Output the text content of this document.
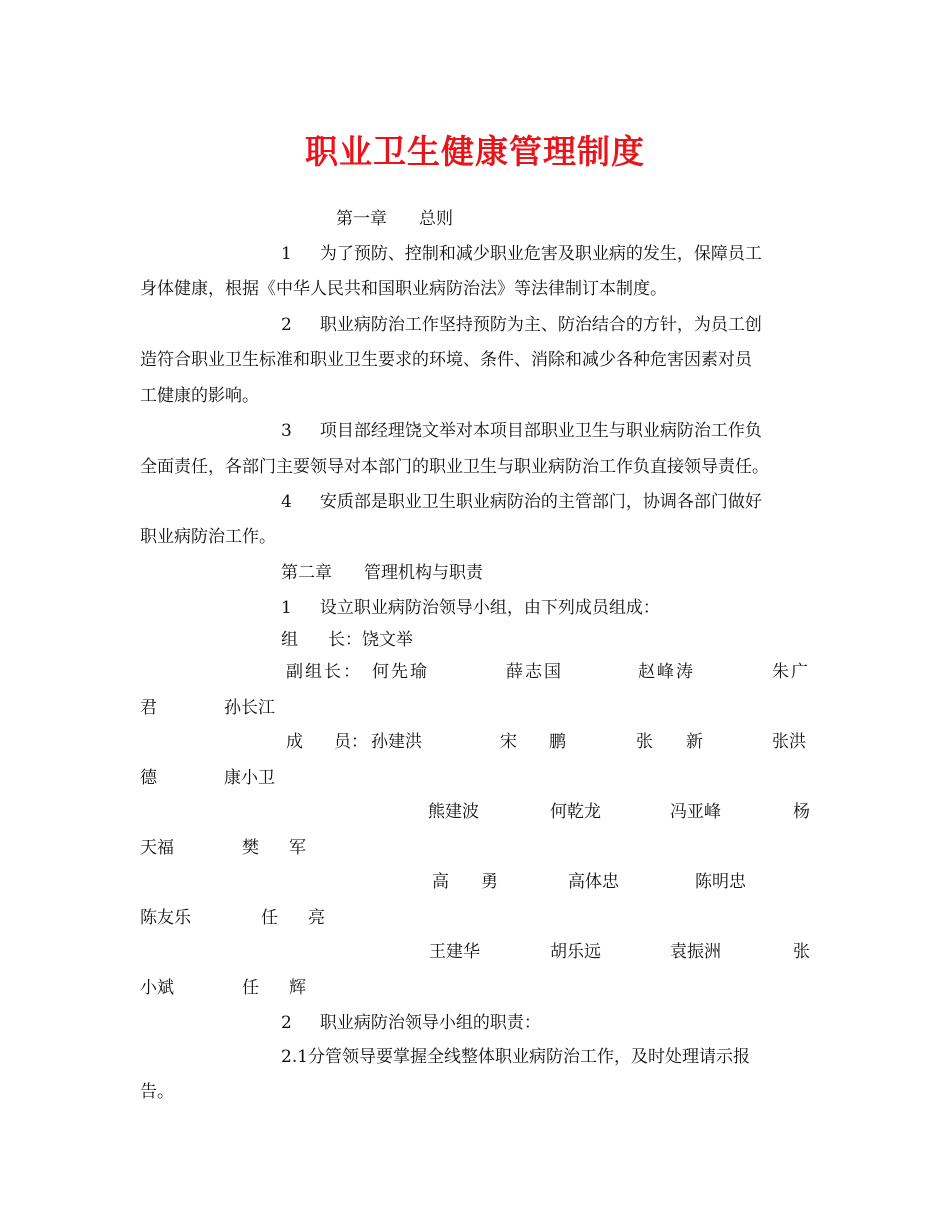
职业卫生健康管理制度
第一章 总则
1 为了预防、控制和减少职业危害及职业病的发生，保障员工
身体健康，根据《中华人民共和国职业病防治法》等法律制订本制度。
2 职业病防治工作坚持预防为主、防治结合的方针，为员工创
造符合职业卫生标准和职业卫生要求的环境、条件、消除和减少各种危害因素对员
工健康的影响。
3 项目部经理饶文举对本项目部职业卫生与职业病防治工作负
全面责任，各部门主要领导对本部门的职业卫生与职业病防治工作负直接领导责任。
4 安质部是职业卫生职业病防治的主管部门，协调各部门做好
职业病防治工作。
第二章 管理机构与职责
1 设立职业病防治领导小组，由下列成员组成：
组 长：饶文举
副组长： 何先瑜	薛志国	赵峰涛	朱广
君	孙长江
成 员： 孙建洪	宋 鹏	张 新	张洪
德	康小卫
熊建波	何乾龙	冯亚峰	杨
天福	樊 军
高 勇	高体忠	陈明忠
陈友乐	任 亮
王建华	胡乐远	袁振洲	张
小斌	任 辉
2 职业病防治领导小组的职责：
2.1分管领导要掌握全线整体职业病防治工作，及时处理请示报
告。
